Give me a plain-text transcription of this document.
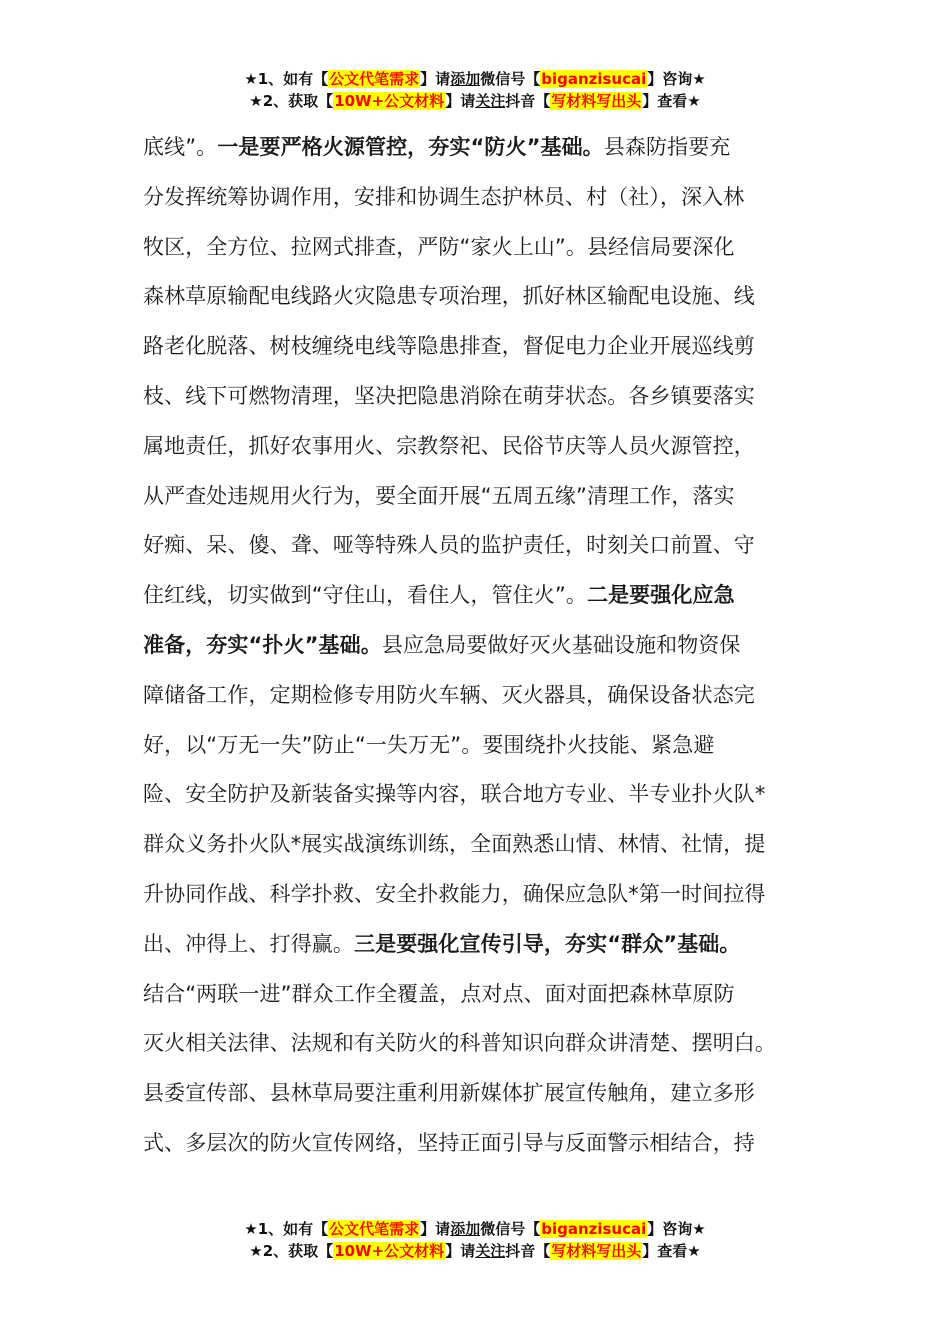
★1、如有【公文代笔需求】请添加微信号【biganzisucai】咨询★
★2、获取【10W+公文材料】请关注抖音【写材料写出头】查看★

底线”。一是要严格火源管控，夯实“防火”基础。县森防指要充

分发挥统筹协调作用，安排和协调生态护林员、村（社），深入林

牧区，全方位、拉网式排查，严防“家火上山”。县经信局要深化

森林草原输配电线路火灾隐患专项治理，抓好林区输配电设施、线

路老化脱落、树枝缠绕电线等隐患排查，督促电力企业开展巡线剪

枝、线下可燃物清理，坚决把隐患消除在萌芽状态。各乡镇要落实

属地责任，抓好农事用火、宗教祭祀、民俗节庆等人员火源管控，

从严查处违规用火行为，要全面开展“五周五缘”清理工作，落实

好痴、呆、傻、聋、哑等特殊人员的监护责任，时刻关口前置、守

住红线，切实做到“守住山，看住人，管住火”。二是要强化应急

准备，夯实“扑火”基础。县应急局要做好灭火基础设施和物资保

障储备工作，定期检修专用防火车辆、灭火器具，确保设备状态完

好，以“万无一失”防止“一失万无”。要围绕扑火技能、紧急避

险、安全防护及新装备实操等内容，联合地方专业、半专业扑火队*

群众义务扑火队*展实战演练训练，全面熟悉山情、林情、社情，提

升协同作战、科学扑救、安全扑救能力，确保应急队*第一时间拉得

出、冲得上、打得赢。三是要强化宣传引导，夯实“群众”基础。

结合“两联一进”群众工作全覆盖，点对点、面对面把森林草原防

灭火相关法律、法规和有关防火的科普知识向群众讲清楚、摆明白。

县委宣传部、县林草局要注重利用新媒体扩展宣传触角，建立多形

式、多层次的防火宣传网络，坚持正面引导与反面警示相结合，持

★1、如有【公文代笔需求】请添加微信号【biganzisucai】咨询★
★2、获取【10W+公文材料】请关注抖音【写材料写出头】查看★
